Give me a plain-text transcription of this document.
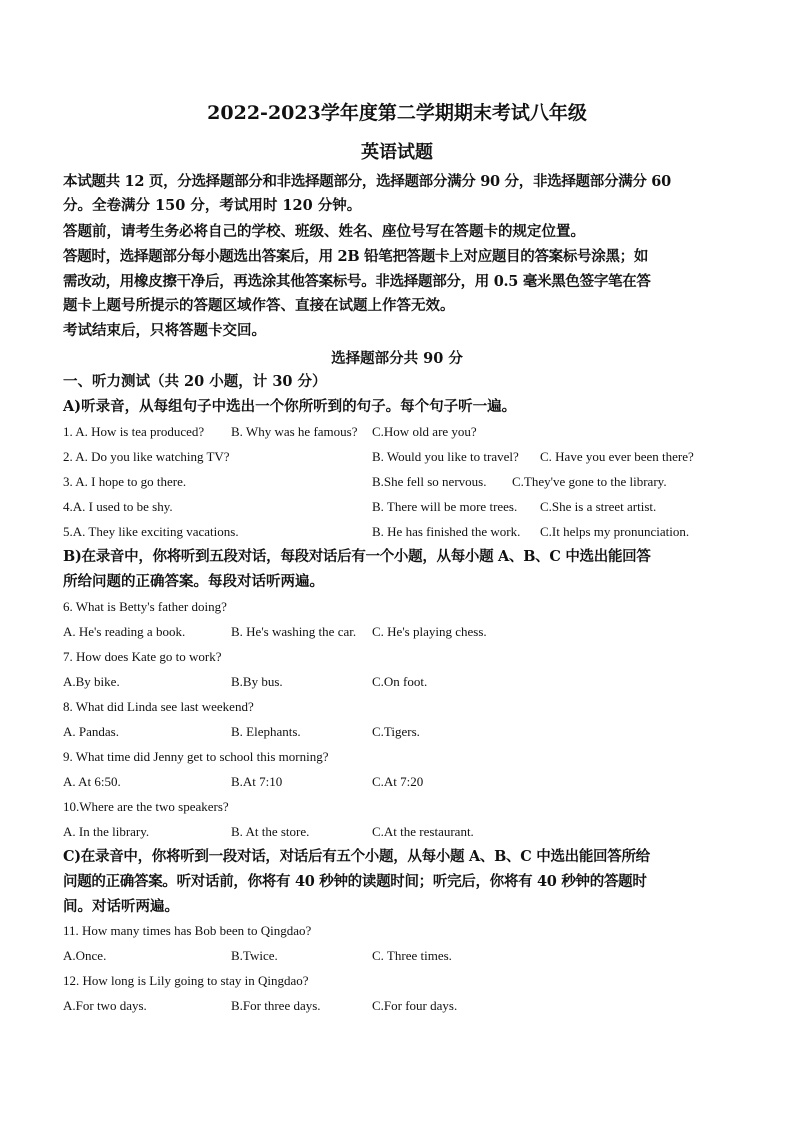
2022-2023学年度第二学期期末考试八年级
英语试题
本试题共 12 页，分选择题部分和非选择题部分，选择题部分满分 90 分，非选择题部分满分 60
分。全卷满分 150 分，考试用时 120 分钟。
答题前，请考生务必将自己的学校、班级、姓名、座位号写在答题卡的规定位置。
答题时，选择题部分每小题选出答案后，用 2B 铅笔把答题卡上对应题目的答案标号涂黑；如
需改动，用橡皮擦干净后，再选涂其他答案标号。非选择题部分，用 0.5 毫米黑色签字笔在答
题卡上题号所提示的答题区域作答、直接在试题上作答无效。
考试结束后，只将答题卡交回。
选择题部分共 90 分
一、听力测试（共 20 小题，计 30 分）
A)听录音，从每组句子中选出一个你所听到的句子。每个句子听一遍。
1. A. How is tea produced? B. Why was he famous? C.How old are you?
2. A. Do you like watching TV?	B. Would you like to travel? C. Have you ever been there?
3. A. I hope to go there.	B.She fell so nervous. C.They've gone to the library.
4.A. I used to be shy.	B. There will be more trees. C.She is a street artist.
5.A. They like exciting vacations.	B. He has finished the work. C.It helps my pronunciation.
B)在录音中，你将听到五段对话，每段对话后有一个小题，从每小题 A、B、C 中选出能回答
所给问题的正确答案。每段对话听两遍。
6. What is Betty's father doing?
A. He's reading a book.	B. He's washing the car. C. He's playing chess.
7. How does Kate go to work?
A.By bike.	B.By bus.	C.On foot.
8. What did Linda see last weekend?
A. Pandas.	B. Elephants.	C.Tigers.
9. What time did Jenny get to school this morning?
A. At 6:50.	B.At 7:10	C.At 7:20
10.Where are the two speakers?
A. In the library.	B. At the store.	C.At the restaurant.
C)在录音中，你将听到一段对话，对话后有五个小题，从每小题 A、B、C 中选出能回答所给
问题的正确答案。听对话前，你将有 40 秒钟的读题时间；听完后，你将有 40 秒钟的答题时
间。对话听两遍。
11. How many times has Bob been to Qingdao?
A.Once.	B.Twice.	C. Three times.
12. How long is Lily going to stay in Qingdao?
A.For two days.	B.For three days.	C.For four days.
